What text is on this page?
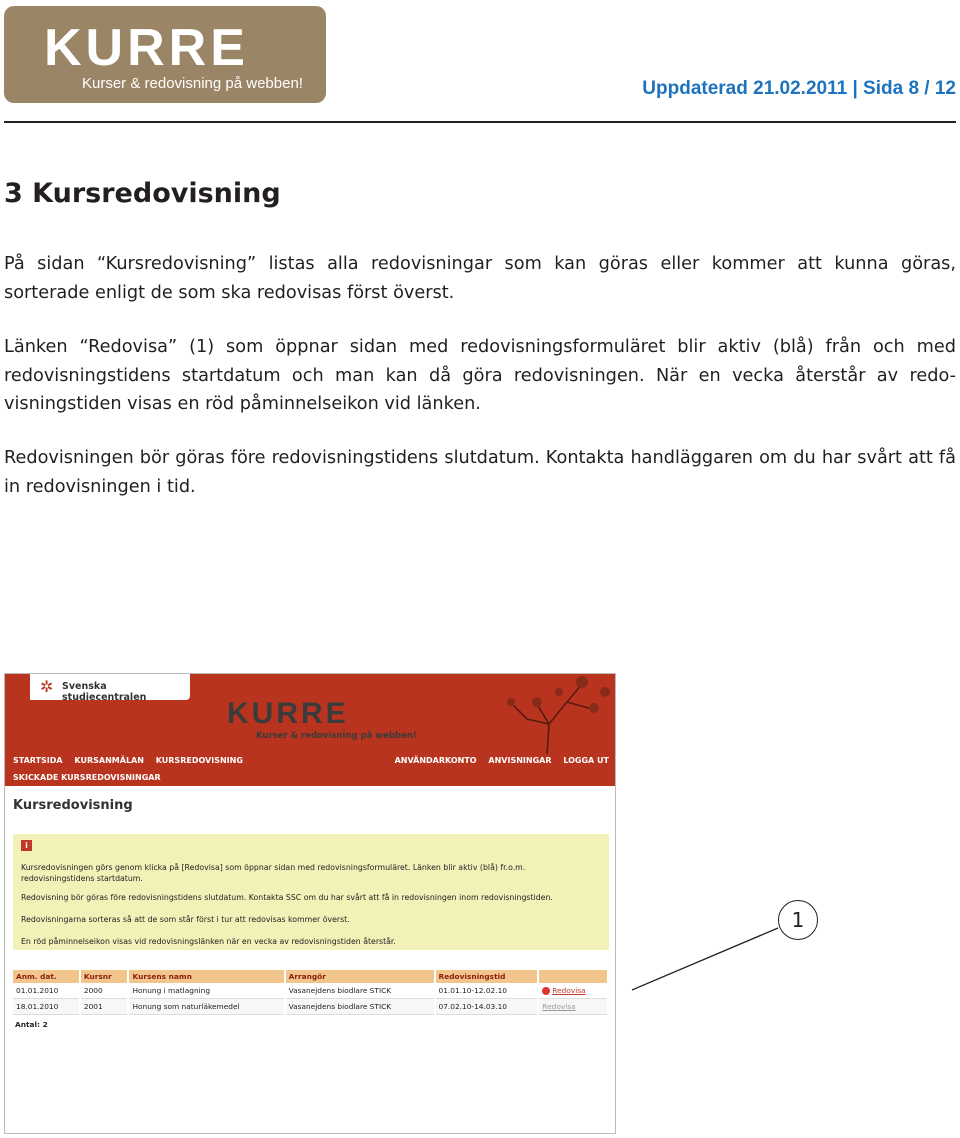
KURRE
Kurser & redovisning på webben!	Uppdaterad 21.02.2011 | Sida 8 / 12
3 Kursredovisning

På sidan “Kursredovisning” listas alla redovisningar som kan göras eller kommer att kunna göras, sorterade enligt de som ska redovisas först överst.

Länken “Redovisa” (1) som öppnar sidan med redovisningsformuläret blir aktiv (blå) från och med redovisningstidens startdatum och man kan då göra redovisningen. När en vecka återstår av redo-visningstiden visas en röd påminnelseikon vid länken.

Redovisningen bör göras före redovisningstidens slutdatum. Kontakta handläggaren om du har svårt att få in redovisningen i tid.

✲ Svenska studiecentralen	KURRE
Kurser & redovisning på webben!
STARTSIDA KURSANMÄLAN KURSREDOVISNING	ANVÄNDARKONTO ANVISNINGAR LOGGA UT
SKICKADE KURSREDOVISNINGAR
Kursredovisning
i

Kursredovisningen görs genom klicka på [Redovisa] som öppnar sidan med redovisningsformuläret. Länken blir aktiv (blå) fr.o.m. redovisningstidens startdatum.

Redovisning bör göras före redovisningstidens slutdatum. Kontakta SSC om du har svårt att få in redovisningen inom redovisningstiden.

Redovisningarna sorteras så att de som står först i tur att redovisas kommer överst.

En röd påminnelseikon visas vid redovisningslänken när en vecka av redovisningstiden återstår.

Anm. dat.	Kursnr	Kursens namn	Arrangör	Redovisningstid	
01.01.2010	2000	Honung i matlagning	Vasanejdens biodlare STICK	01.01.10-12.02.10	Redovisa
18.01.2010	2001	Honung som naturläkemedel	Vasanejdens biodlare STICK	07.02.10-14.03.10	Redovisa
Antal: 2
1
